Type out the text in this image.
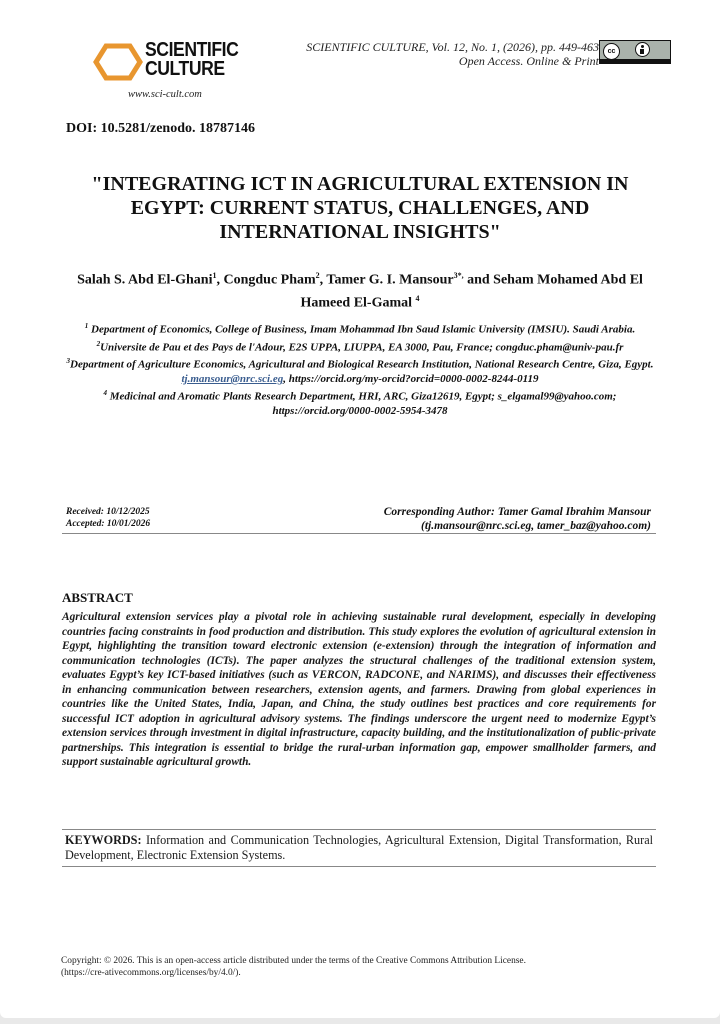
SCIENTIFIC
CULTURE
www.sci-cult.com
SCIENTIFIC CULTURE, Vol. 12, No. 1, (2026), pp. 449-463
Open Access. Online & Print
cc
DOI: 10.5281/zenodo. 18787146
"INTEGRATING ICT IN AGRICULTURAL EXTENSION IN EGYPT: CURRENT STATUS, CHALLENGES, AND INTERNATIONAL INSIGHTS"
Salah S. Abd El-Ghani$^1$, Congduc Pham$^2$, Tamer G. I. Mansour$^{3*,}$ and Seham Mohamed Abd El Hameed El-Gamal $^4$
$^1$ Department of Economics, College of Business, Imam Mohammad Ibn Saud Islamic University (IMSIU). Saudi Arabia.
$^2$Universite de Pau et des Pays de l'Adour, E2S UPPA, LIUPPA, EA 3000, Pau, France; congduc.pham@univ-pau.fr
$^3$Department of Agriculture Economics, Agricultural and Biological Research Institution, National Research Centre, Giza, Egypt. tj.mansour@nrc.sci.eg, https://orcid.org/my-orcid?orcid=0000-0002-8244-0119
$^4$ Medicinal and Aromatic Plants Research Department, HRI, ARC, Giza12619, Egypt; s_elgamal99@yahoo.com; https://orcid.org/0000-0002-5954-3478
Received: 10/12/2025
Accepted: 10/01/2026
Corresponding Author: Tamer Gamal Ibrahim Mansour
(tj.mansour@nrc.sci.eg, tamer_baz@yahoo.com)
ABSTRACT
Agricultural extension services play a pivotal role in achieving sustainable rural development, especially in developing countries facing constraints in food production and distribution. This study explores the evolution of agricultural extension in Egypt, highlighting the transition toward electronic extension (e-extension) through the integration of information and communication technologies (ICTs). The paper analyzes the structural challenges of the traditional extension system, evaluates Egypt’s key ICT-based initiatives (such as VERCON, RADCONE, and NARIMS), and discusses their effectiveness in enhancing communication between researchers, extension agents, and farmers. Drawing from global experiences in countries like the United States, India, Japan, and China, the study outlines best practices and core requirements for successful ICT adoption in agricultural advisory systems. The findings underscore the urgent need to modernize Egypt’s extension services through investment in digital infrastructure, capacity building, and the institutionalization of public-private partnerships. This integration is essential to bridge the rural-urban information gap, empower smallholder farmers, and support sustainable agricultural growth.
KEYWORDS: Information and Communication Technologies, Agricultural Extension, Digital Transformation, Rural Development, Electronic Extension Systems.
Copyright: © 2026. This is an open-access article distributed under the terms of the Creative Commons Attribution License.
(https://cre-ativecommons.org/licenses/by/4.0/).
